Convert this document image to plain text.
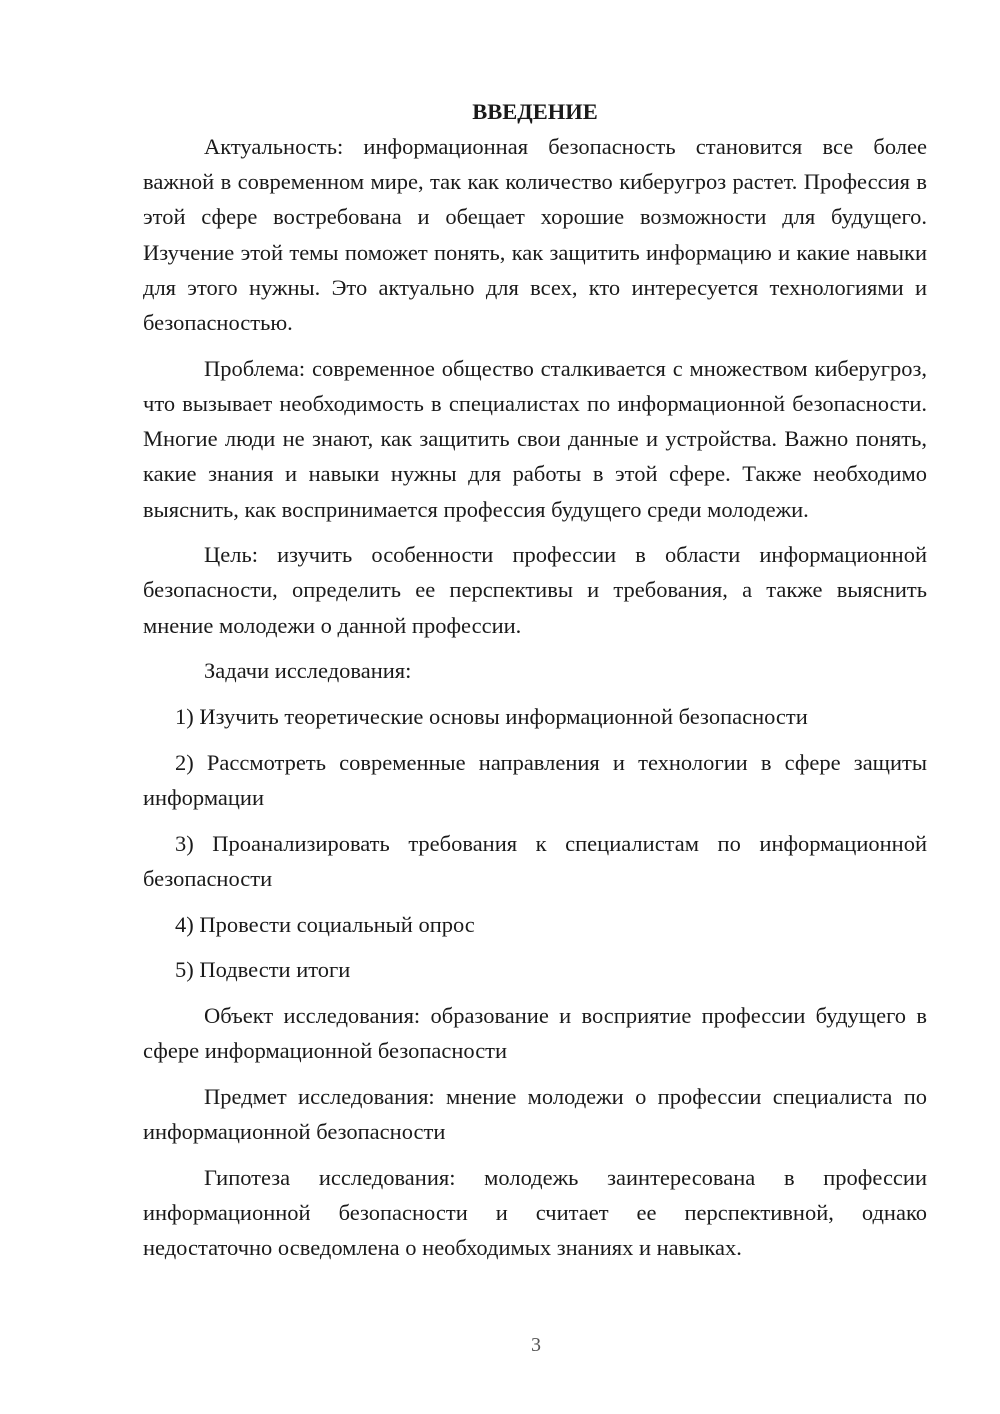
ВВЕДЕНИЕ

Актуальность: информационная безопасность становится все более важной в современном мире, так как количество киберугроз растет. Профессия в этой сфере востребована и обещает хорошие возможности для будущего. Изучение этой темы поможет понять, как защитить информацию и какие навыки для этого нужны. Это актуально для всех, кто интересуется технологиями и безопасностью.

Проблема: современное общество сталкивается с множеством киберугроз, что вызывает необходимость в специалистах по информационной безопасности. Многие люди не знают, как защитить свои данные и устройства. Важно понять, какие знания и навыки нужны для работы в этой сфере. Также необходимо выяснить, как воспринимается профессия будущего среди молодежи.

Цель: изучить особенности профессии в области информационной безопасности, определить ее перспективы и требования, а также выяснить мнение молодежи о данной профессии.

Задачи исследования:

1) Изучить теоретические основы информационной безопасности

2) Рассмотреть современные направления и технологии в сфере защиты информации

3) Проанализировать требования к специалистам по информационной безопасности

4) Провести социальный опрос

5) Подвести итоги

Объект исследования: образование и восприятие профессии будущего в сфере информационной безопасности

Предмет исследования: мнение молодежи о профессии специалиста по информационной безопасности

Гипотеза исследования: молодежь заинтересована в профессии информационной безопасности и считает ее перспективной, однако недостаточно осведомлена о необходимых знаниях и навыках.

3
